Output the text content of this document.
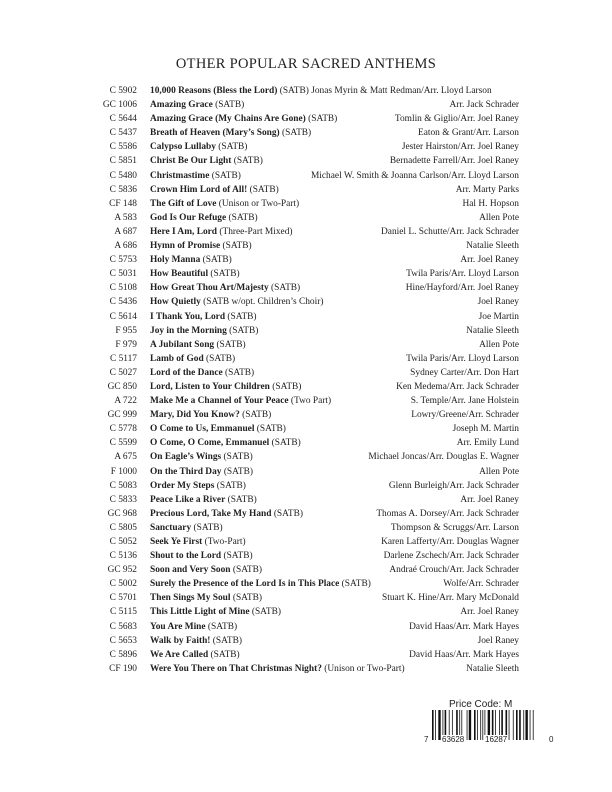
OTHER POPULAR SACRED ANTHEMS
C 5902 10,000 Reasons (Bless the Lord) (SATB) Jonas Myrin & Matt Redman/Arr. Lloyd Larson
GC 1006 Amazing Grace (SATB)	Arr. Jack Schrader
C 5644 Amazing Grace (My Chains Are Gone) (SATB)	Tomlin & Giglio/Arr. Joel Raney
C 5437 Breath of Heaven (Mary’s Song) (SATB)	Eaton & Grant/Arr. Larson
C 5586 Calypso Lullaby (SATB)	Jester Hairston/Arr. Joel Raney
C 5851 Christ Be Our Light (SATB)	Bernadette Farrell/Arr. Joel Raney
C 5480 Christmastime (SATB)	Michael W. Smith & Joanna Carlson/Arr. Lloyd Larson
C 5836 Crown Him Lord of All! (SATB)	Arr. Marty Parks
CF 148 The Gift of Love (Unison or Two-Part)	Hal H. Hopson
A 583 God Is Our Refuge (SATB)	Allen Pote
A 687 Here I Am, Lord (Three-Part Mixed)	Daniel L. Schutte/Arr. Jack Schrader
A 686 Hymn of Promise (SATB)	Natalie Sleeth
C 5753 Holy Manna (SATB)	Arr. Joel Raney
C 5031 How Beautiful (SATB)	Twila Paris/Arr. Lloyd Larson
C 5108 How Great Thou Art/Majesty (SATB)	Hine/Hayford/Arr. Joel Raney
C 5436 How Quietly (SATB w/opt. Children’s Choir)	Joel Raney
C 5614 I Thank You, Lord (SATB)	Joe Martin
F 955 Joy in the Morning (SATB)	Natalie Sleeth
F 979 A Jubilant Song (SATB)	Allen Pote
C 5117 Lamb of God (SATB)	Twila Paris/Arr. Lloyd Larson
C 5027 Lord of the Dance (SATB)	Sydney Carter/Arr. Don Hart
GC 850 Lord, Listen to Your Children (SATB)	Ken Medema/Arr. Jack Schrader
A 722 Make Me a Channel of Your Peace (Two Part)	S. Temple/Arr. Jane Holstein
GC 999 Mary, Did You Know? (SATB)	Lowry/Greene/Arr. Schrader
C 5778 O Come to Us, Emmanuel (SATB)	Joseph M. Martin
C 5599 O Come, O Come, Emmanuel (SATB)	Arr. Emily Lund
A 675 On Eagle’s Wings (SATB)	Michael Joncas/Arr. Douglas E. Wagner
F 1000 On the Third Day (SATB)	Allen Pote
C 5083 Order My Steps (SATB)	Glenn Burleigh/Arr. Jack Schrader
C 5833 Peace Like a River (SATB)	Arr. Joel Raney
GC 968 Precious Lord, Take My Hand (SATB)	Thomas A. Dorsey/Arr. Jack Schrader
C 5805 Sanctuary (SATB)	Thompson & Scruggs/Arr. Larson
C 5052 Seek Ye First (Two-Part)	Karen Lafferty/Arr. Douglas Wagner
C 5136 Shout to the Lord (SATB)	Darlene Zschech/Arr. Jack Schrader
GC 952 Soon and Very Soon (SATB)	Andraé Crouch/Arr. Jack Schrader
C 5002 Surely the Presence of the Lord Is in This Place (SATB)	Wolfe/Arr. Schrader
C 5701 Then Sings My Soul (SATB)	Stuart K. Hine/Arr. Mary McDonald
C 5115 This Little Light of Mine (SATB)	Arr. Joel Raney
C 5683 You Are Mine (SATB)	David Haas/Arr. Mark Hayes
C 5653 Walk by Faith! (SATB)	Joel Raney
C 5896 We Are Called (SATB)	David Haas/Arr. Mark Hayes
CF 190 Were You There on That Christmas Night? (Unison or Two-Part)	Natalie Sleeth
Price Code: M
7 63628	16287	0
